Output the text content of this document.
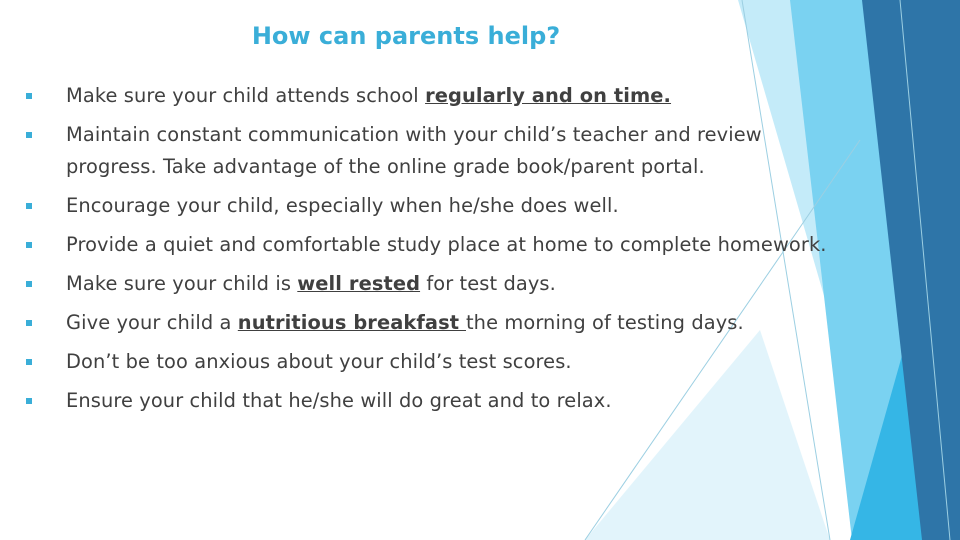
How can parents help?
Make sure your child attends school regularly and on time.
Maintain constant communication with your child’s teacher and review progress. Take advantage of the online grade book/parent portal.
Encourage your child, especially when he/she does well.
Provide a quiet and comfortable study place at home to complete homework.
Make sure your child is well rested for test days.
Give your child a nutritious breakfast the morning of testing days.
Don’t be too anxious about your child’s test scores.
Ensure your child that he/she will do great and to relax.
